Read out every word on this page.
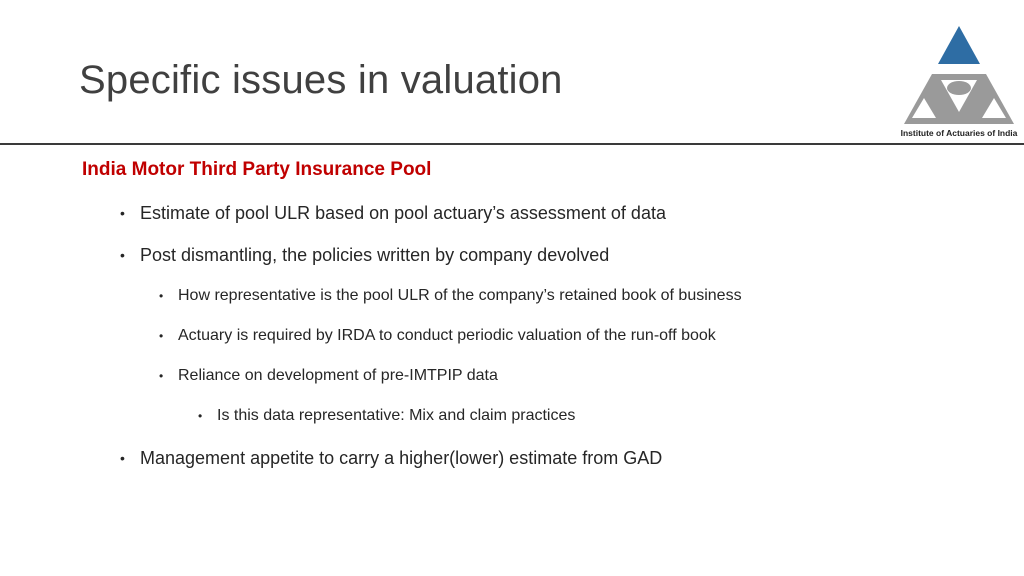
Specific issues in valuation
Institute of Actuaries of India
India Motor Third Party Insurance Pool
• Estimate of pool ULR based on pool actuary’s assessment of data
• Post dismantling, the policies written by company devolved
• How representative is the pool ULR of the company’s retained book of business
• Actuary is required by IRDA to conduct periodic valuation of the run-off book
• Reliance on development of pre-IMTPIP data
• Is this data representative: Mix and claim practices
• Management appetite to carry a higher(lower) estimate from GAD
